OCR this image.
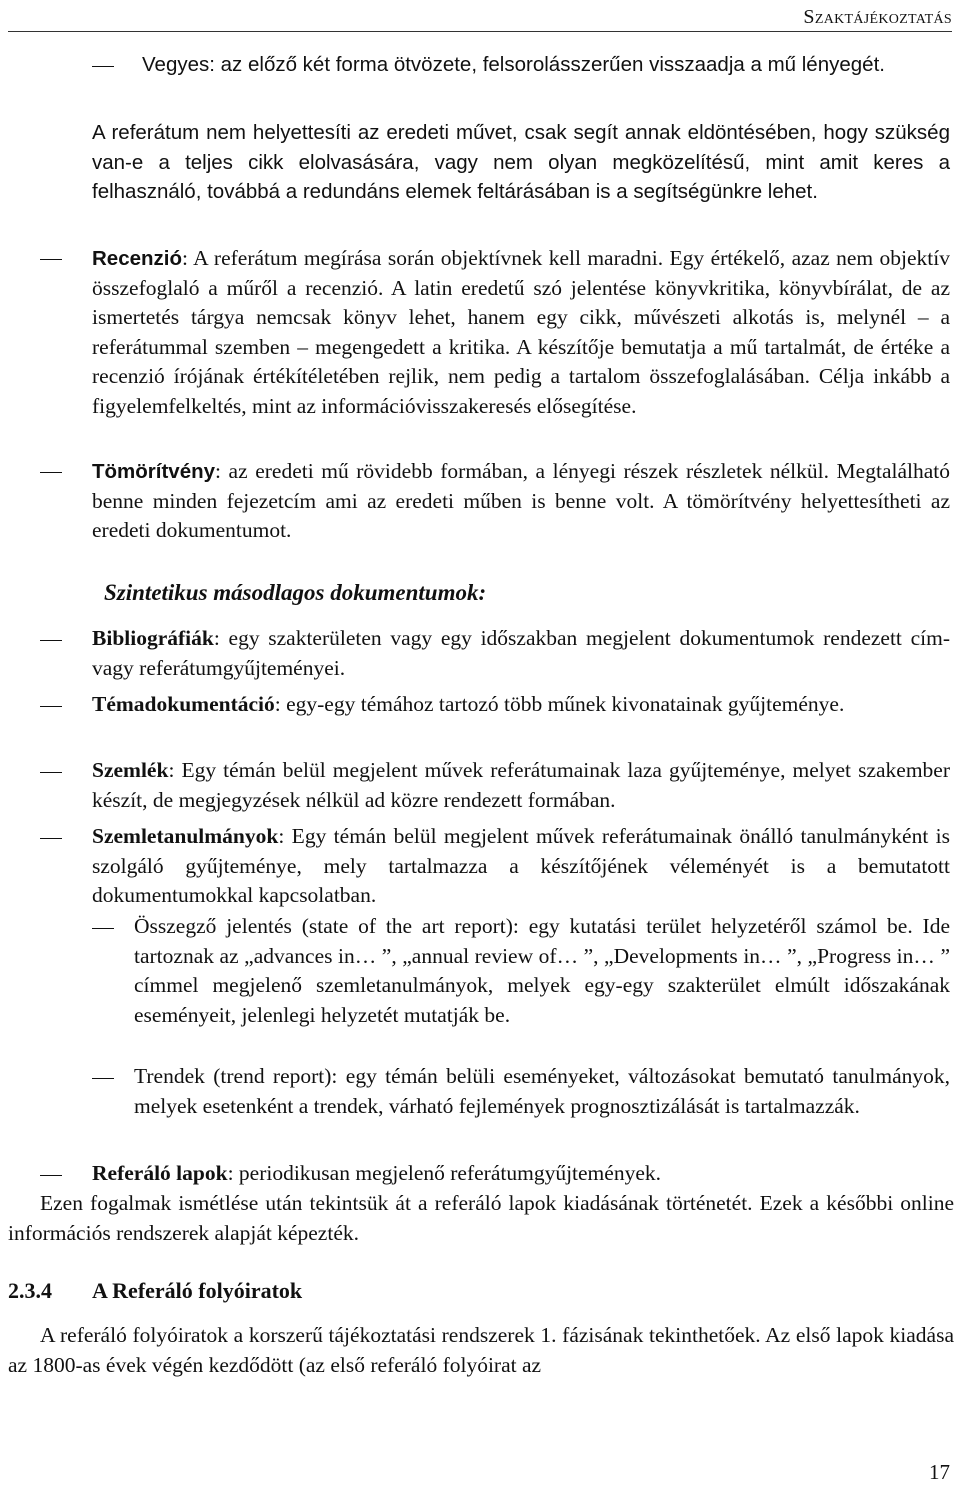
Szaktájékoztatás
Vegyes: az előző két forma ötvözete, felsorolásszerűen visszaadja a mű lényegét.
A referátum nem helyettesíti az eredeti művet, csak segít annak eldöntésében, hogy szükség van-e a teljes cikk elolvasására, vagy nem olyan megközelítésű, mint amit keres a felhasználó, továbbá a redundáns elemek feltárásában is a segítségünkre lehet.
Recenzió: A referátum megírása során objektívnek kell maradni. Egy értékelő, azaz nem objektív összefoglaló a műről a recenzió. A latin eredetű szó jelentése könyvkritika, könyvbírálat, de az ismertetés tárgya nemcsak könyv lehet, hanem egy cikk, művészeti alkotás is, melynél – a referátummal szemben – megengedett a kritika. A készítője bemutatja a mű tartalmát, de értéke a recenzió írójának értékítéletében rejlik, nem pedig a tartalom összefoglalásában. Célja inkább a figyelemfelkeltés, mint az információvisszakeresés elősegítése.
Tömörítvény: az eredeti mű rövidebb formában, a lényegi részek részletek nélkül. Megtalálható benne minden fejezetcím ami az eredeti műben is benne volt. A tömörítvény helyettesítheti az eredeti dokumentumot.
Szintetikus másodlagos dokumentumok:
Bibliográfiák: egy szakterületen vagy egy időszakban megjelent dokumentumok rendezett cím- vagy referátumgyűjteményei.
Témadokumentáció: egy-egy témához tartozó több műnek kivonatainak gyűjteménye.
Szemlék: Egy témán belül megjelent művek referátumainak laza gyűjteménye, melyet szakember készít, de megjegyzések nélkül ad közre rendezett formában.
Szemletanulmányok: Egy témán belül megjelent művek referátumainak önálló tanulmányként is szolgáló gyűjteménye, mely tartalmazza a készítőjének véleményét is a bemutatott dokumentumokkal kapcsolatban.
Összegző jelentés (state of the art report): egy kutatási terület helyzetéről számol be. Ide tartoznak az „advances in… ”, „annual review of… ”, „Developments in… ”, „Progress in… ” címmel megjelenő szemletanulmányok, melyek egy-egy szakterület elmúlt időszakának eseményeit, jelenlegi helyzetét mutatják be.
Trendek (trend report): egy témán belüli eseményeket, változásokat bemutató tanulmányok, melyek esetenként a trendek, várható fejlemények prognosztizálását is tartalmazzák.
Referáló lapok: periodikusan megjelenő referátumgyűjtemények.
Ezen fogalmak ismétlése után tekintsük át a referáló lapok kiadásának történetét. Ezek a későbbi online információs rendszerek alapját képezték.
2.3.4 A Referáló folyóiratok
A referáló folyóiratok a korszerű tájékoztatási rendszerek 1. fázisának tekinthetőek. Az első lapok kiadása az 1800-as évek végén kezdődött (az első referáló folyóirat az
17
